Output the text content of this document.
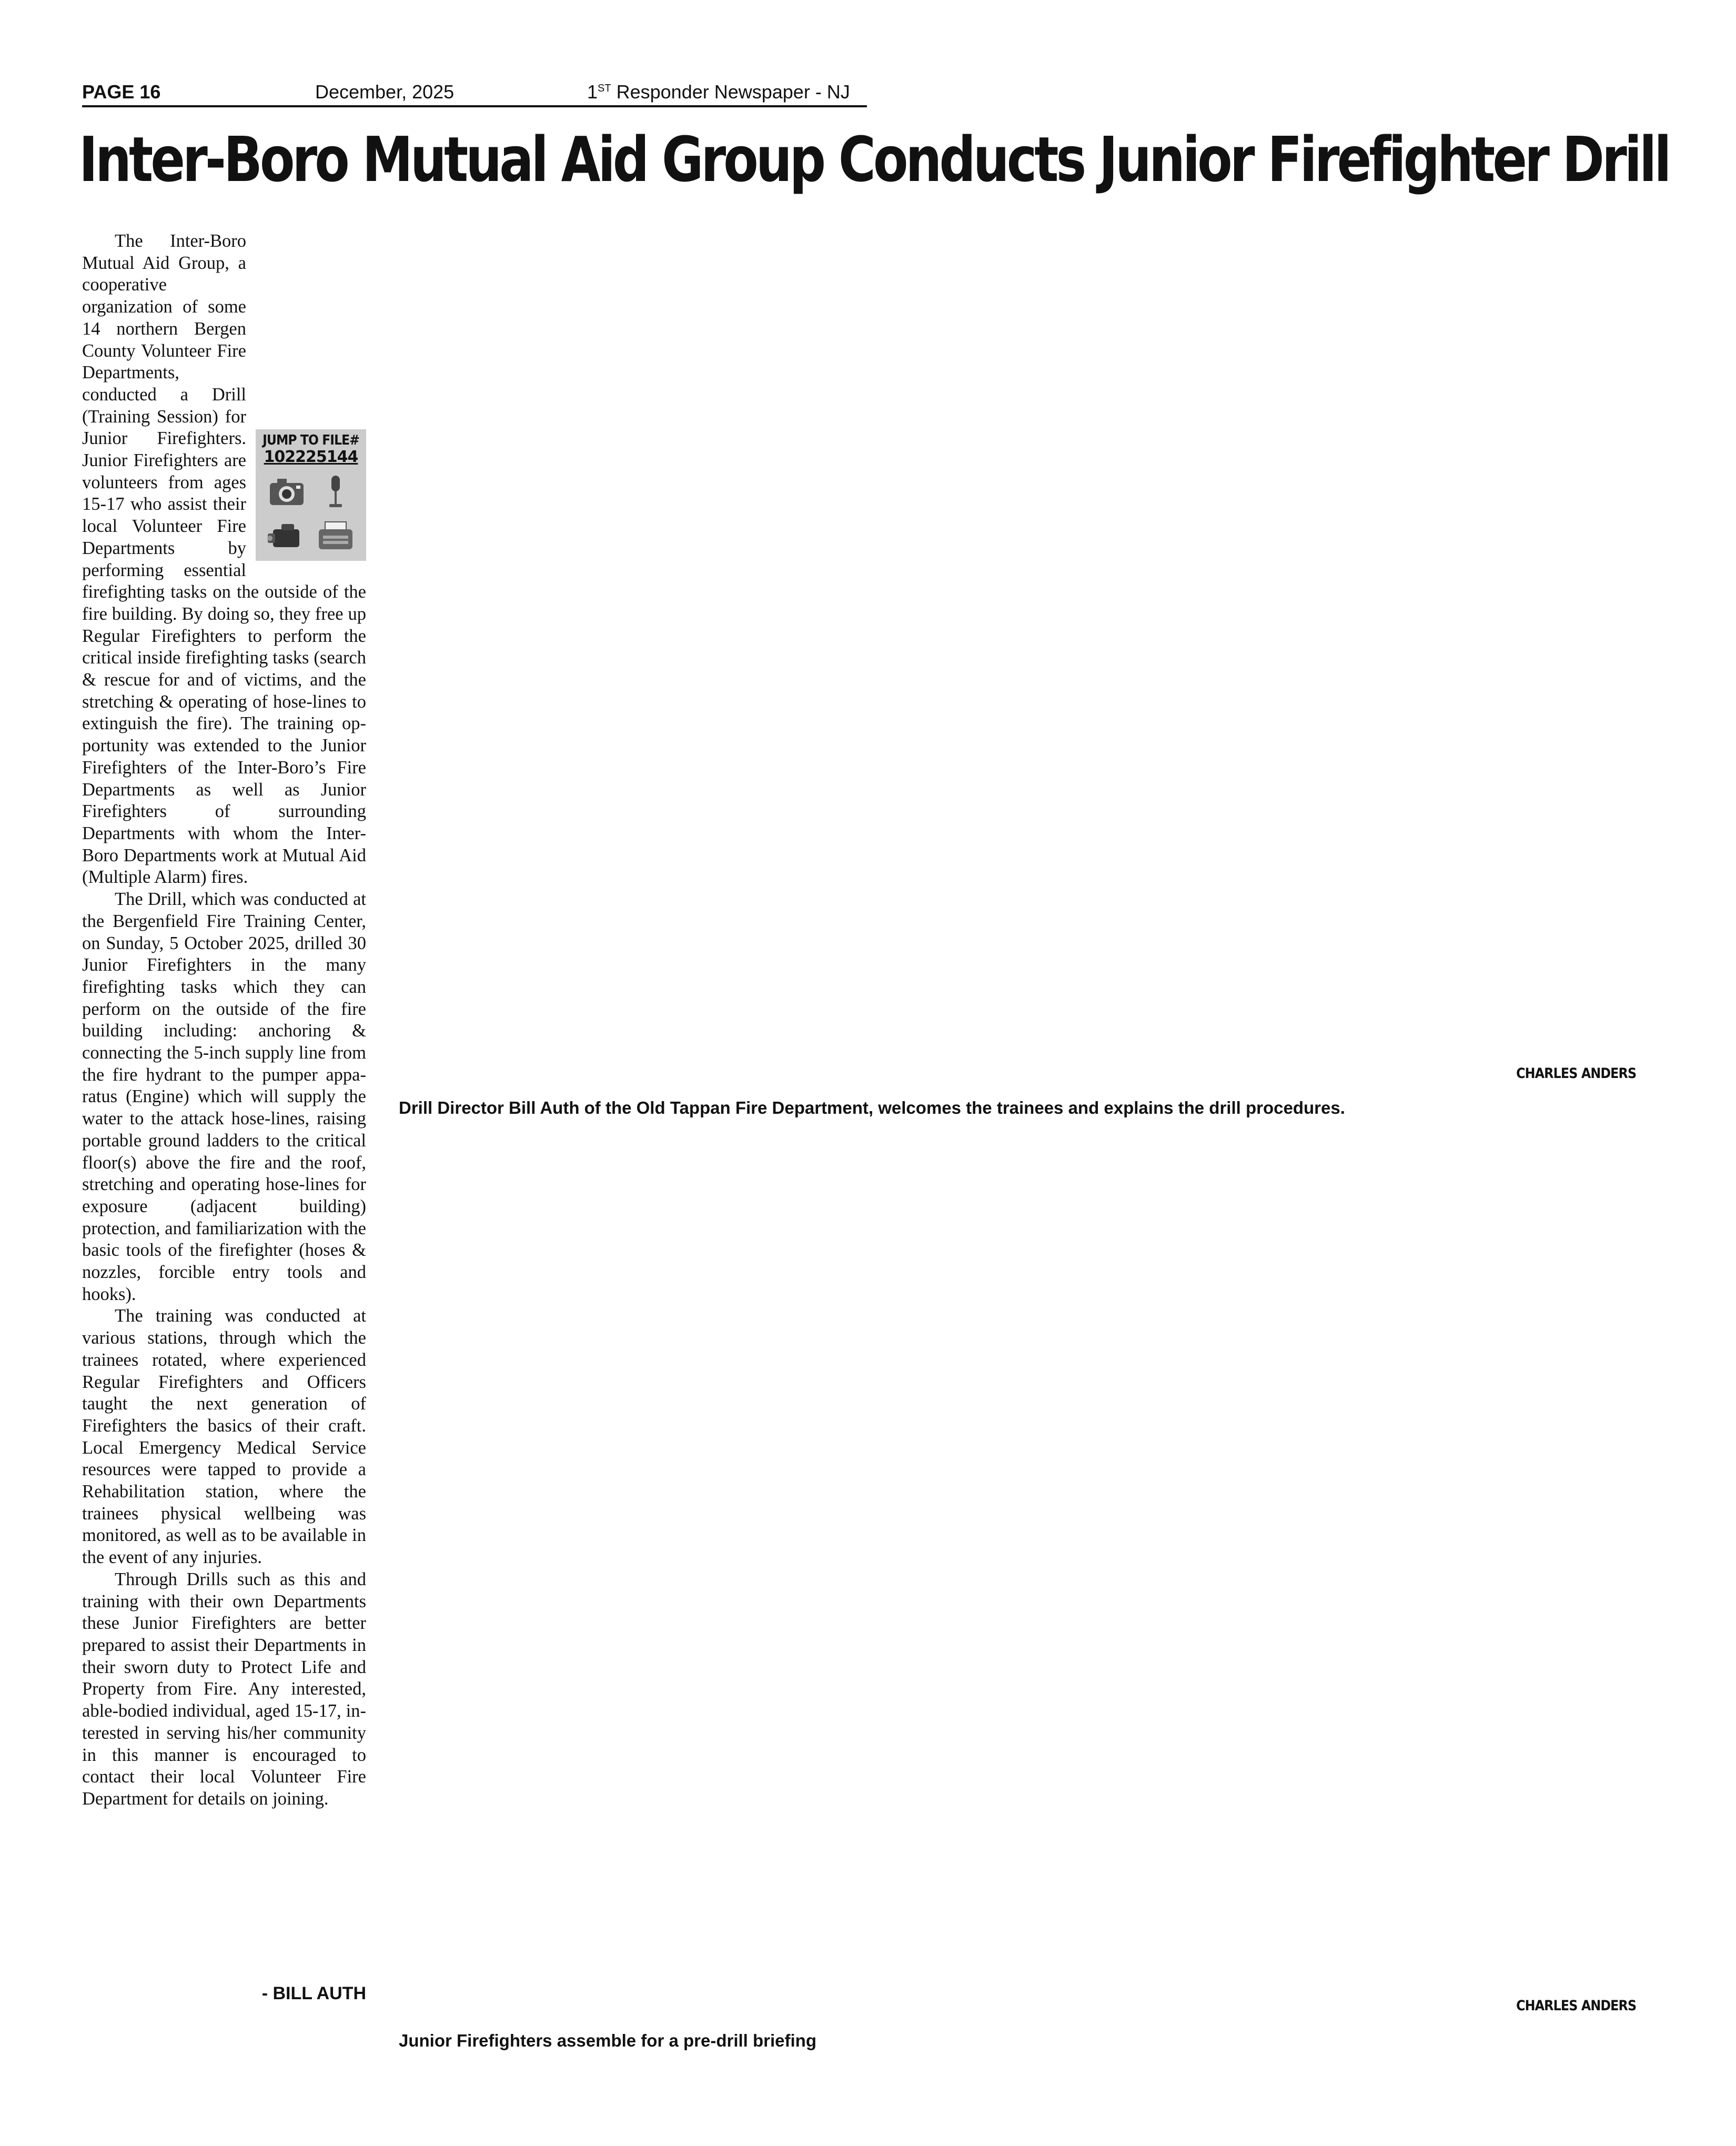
PAGE 16	December, 2025	1ST Responder Newspaper - NJ
Inter-Boro Mutual Aid Group Conducts Junior Firefighter Drill
JUMP TO FILE#
102225144

The Inter-Boro Mutual Aid Group, a cooperative organization of some 14 northern Bergen County Volunteer Fire Departments, conducted a Drill (Training Session) for Junior Firefighters. Junior Firefighters are volunteers from ages 15-17 who assist their local Volunteer Fire Departments by performing essential firefighting tasks on the outside of the fire building. By doing so, they free up Regular Firefighters to perform the critical inside firefighting tasks (search & rescue for and of victims, and the stretching & operating of hose-lines to extinguish the fire). The training opportunity was extended to the Junior Firefighters of the Inter-Boro’s Fire Departments as well as Junior Firefighters of surrounding Departments with whom the Inter-Boro Departments work at Mutual Aid (Multiple Alarm) fires.

The Drill, which was conducted at the Bergenfield Fire Training Center, on Sunday, 5 October 2025, drilled 30 Junior Firefighters in the many firefighting tasks which they can perform on the outside of the fire building including: anchoring & connecting the 5-inch supply line from the fire hydrant to the pumper apparatus (Engine) which will supply the water to the attack hose-lines, raising portable ground ladders to the critical floor(s) above the fire and the roof, stretching and operating hose-lines for exposure (adjacent building) protection, and familiarization with the basic tools of the firefighter (hoses & nozzles, forcible entry tools and hooks).

The training was conducted at various stations, through which the trainees rotated, where experienced Regular Firefighters and Officers taught the next generation of Firefighters the basics of their craft. Local Emergency Medical Service resources were tapped to provide a Rehabilitation station, where the trainees physical wellbeing was monitored, as well as to be available in the event of any injuries.

Through Drills such as this and training with their own Departments these Junior Firefighters are better prepared to assist their Departments in their sworn duty to Protect Life and Property from Fire. Any interested, able-bodied individual, aged 15-17, interested in serving his/her community in this manner is encouraged to contact their local Volunteer Fire Department for details on joining.

- BILL AUTH
CHARLES ANDERS
Drill Director Bill Auth of the Old Tappan Fire Department, welcomes the trainees and explains the drill procedures.
CHARLES ANDERS
Junior Firefighters assemble for a pre-drill briefing
